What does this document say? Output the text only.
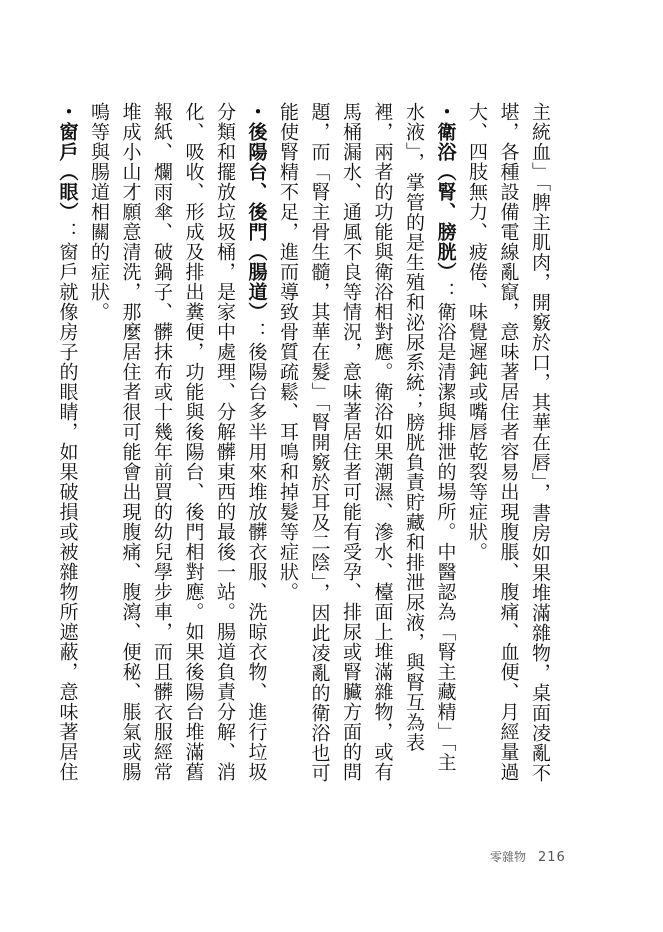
主統血」「脾主肌肉，開竅於口，其華在唇」，書房如果堆滿雜物，桌面凌亂不堪，各種設備電線亂竄，意味著居住者容易出現腹脹、腹痛、血便、月經量過大、四肢無力、疲倦、味覺遲鈍或嘴唇乾裂等症狀。

・衛浴（腎、膀胱）：衛浴是清潔與排泄的場所。中醫認為「腎主藏精」「主水液」，掌管的是生殖和泌尿系統；膀胱負責貯藏和排泄尿液，與腎互為表裡，兩者的功能與衛浴相對應。衛浴如果潮濕、滲水、檯面上堆滿雜物，或有馬桶漏水、通風不良等情況，意味著居住者可能有受孕、排尿或腎臟方面的問題，而「腎主骨生髓，其華在髮」「腎開竅於耳及二陰」，因此凌亂的衛浴也可能使腎精不足，進而導致骨質疏鬆、耳鳴和掉髮等症狀。

・後陽台、後門（腸道）：後陽台多半用來堆放髒衣服、洗晾衣物、進行垃圾分類和擺放垃圾桶，是家中處理、分解髒東西的最後一站。腸道負責分解、消化、吸收、形成及排出糞便，功能與後陽台、後門相對應。如果後陽台堆滿舊報紙、爛雨傘、破鍋子、髒抹布或十幾年前買的幼兒學步車，而且髒衣服經常堆成小山才願意清洗，那麼居住者很可能會出現腹痛、腹瀉、便秘、脹氣或腸鳴等與腸道相關的症狀。

・窗戶（眼）：窗戶就像房子的眼睛，如果破損或被雜物所遮蔽，意味著居住

零雜物 216
